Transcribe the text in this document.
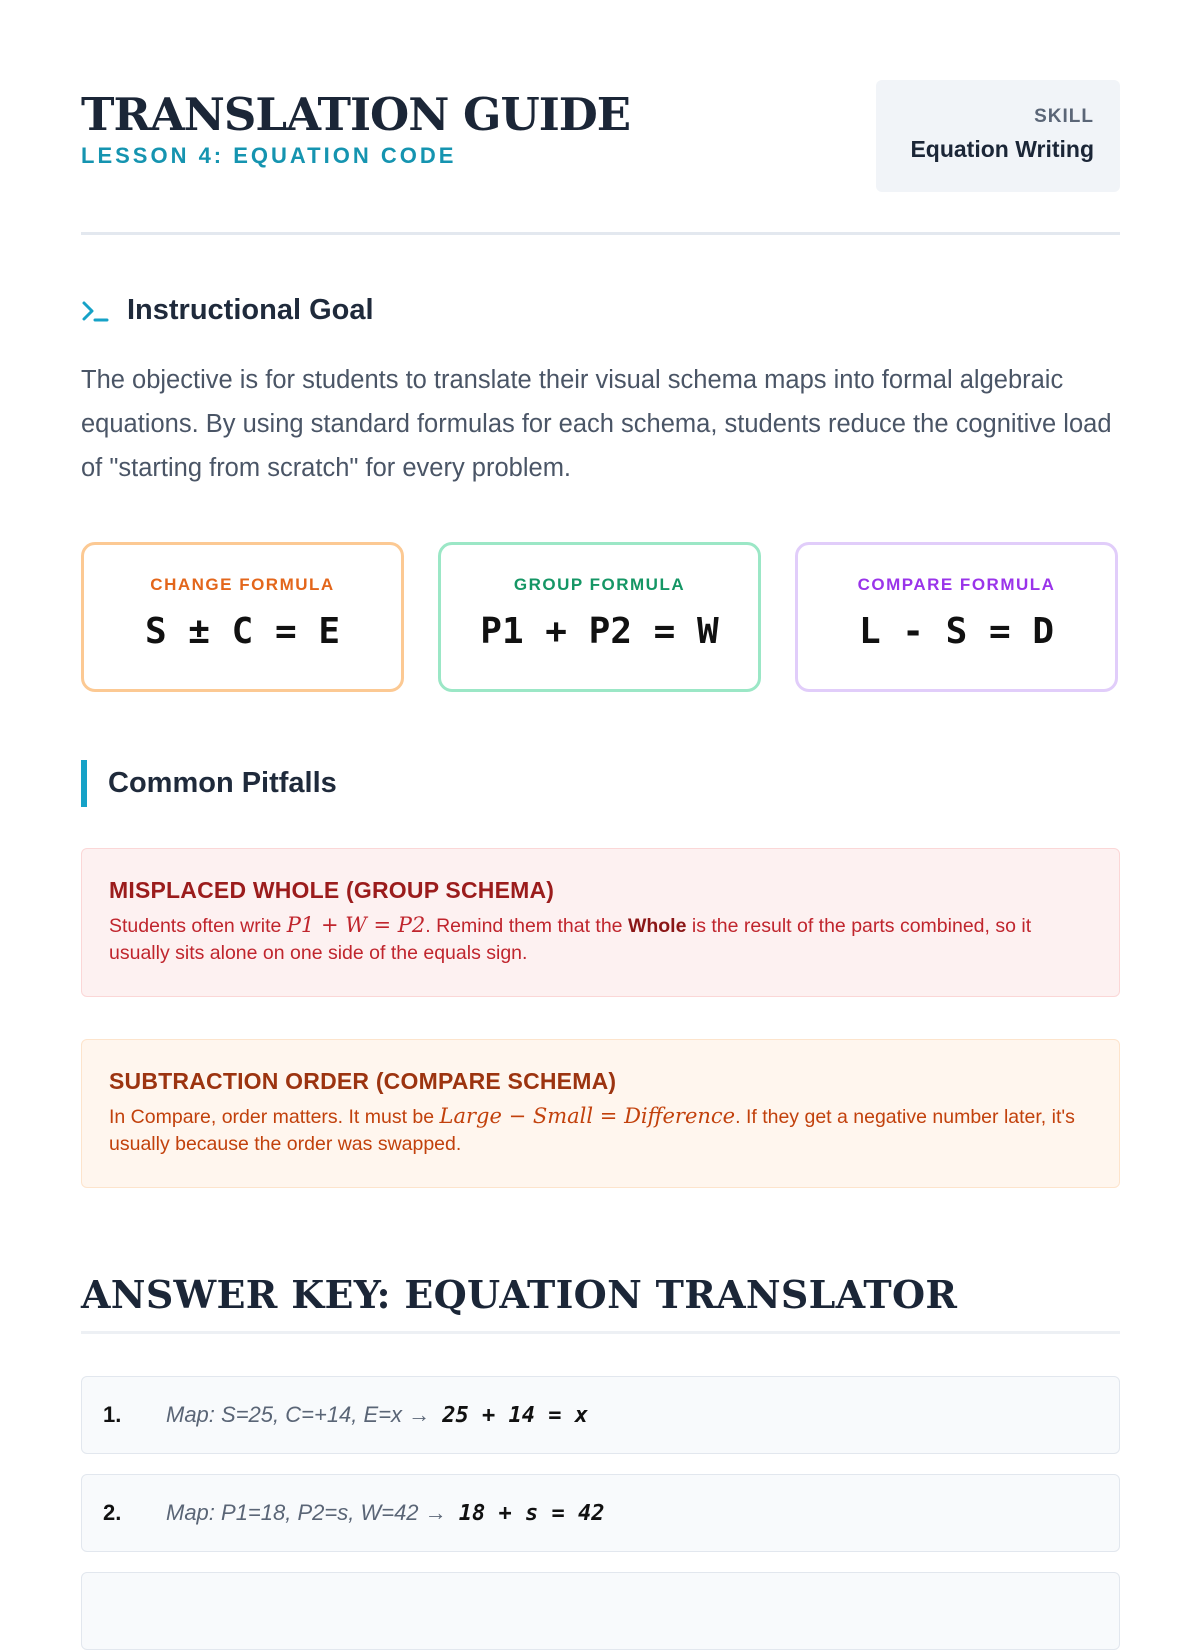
TRANSLATION GUIDE
LESSON 4: EQUATION CODE
SKILL
Equation Writing
Instructional Goal

The objective is for students to translate their visual schema maps into formal algebraic equations. By using standard formulas for each schema, students reduce the cognitive load of "starting from scratch" for every problem.

CHANGE FORMULA
S ± C = E
GROUP FORMULA
P1 + P2 = W
COMPARE FORMULA
L - S = D
Common Pitfalls
MISPLACED WHOLE (GROUP SCHEMA)
Students often write P1 + W = P2. Remind them that the Whole is the result of the parts combined, so it usually sits alone on one side of the equals sign.
SUBTRACTION ORDER (COMPARE SCHEMA)
In Compare, order matters. It must be Large − Small = Difference. If they get a negative number later, it's usually because the order was swapped.
ANSWER KEY: EQUATION TRANSLATOR
1.	Map: S=25, C=+14, E=x → 25 + 14 = x
2.	Map: P1=18, P2=s, W=42 → 18 + s = 42
